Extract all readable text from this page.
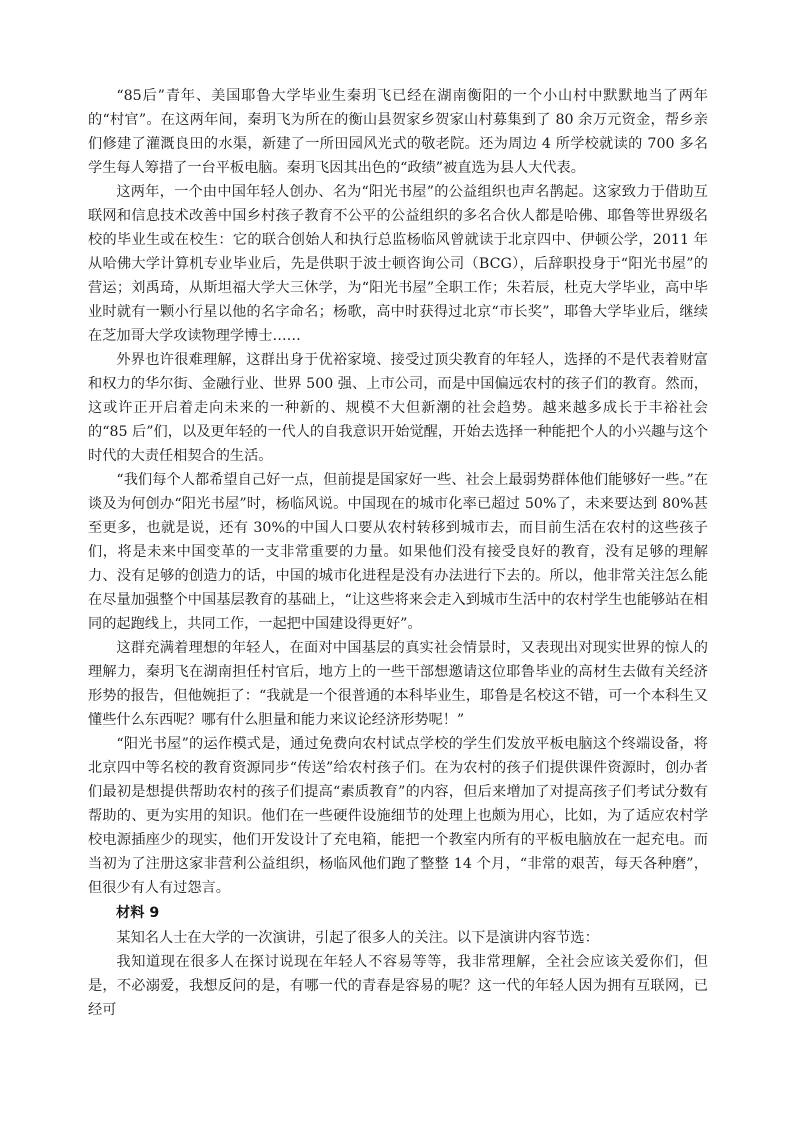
“85后”青年、美国耶鲁大学毕业生秦玥飞已经在湖南衡阳的一个小山村中默默地当了两年的“村官”。在这两年间，秦玥飞为所在的衡山县贺家乡贺家山村募集到了 80 余万元资金，帮乡亲们修建了灌溉良田的水渠，新建了一所田园风光式的敬老院。还为周边 4 所学校就读的 700 多名学生每人筹措了一台平板电脑。秦玥飞因其出色的“政绩”被直选为县人大代表。

这两年，一个由中国年轻人创办、名为“阳光书屋”的公益组织也声名鹊起。这家致力于借助互联网和信息技术改善中国乡村孩子教育不公平的公益组织的多名合伙人都是哈佛、耶鲁等世界级名校的毕业生或在校生：它的联合创始人和执行总监杨临风曾就读于北京四中、伊顿公学，2011 年从哈佛大学计算机专业毕业后，先是供职于波士顿咨询公司（BCG），后辞职投身于“阳光书屋”的营运；刘禹琦，从斯坦福大学大三休学，为“阳光书屋”全职工作；朱若辰，杜克大学毕业，高中毕业时就有一颗小行星以他的名字命名；杨歌，高中时获得过北京“市长奖”，耶鲁大学毕业后，继续在芝加哥大学攻读物理学博士……

外界也许很难理解，这群出身于优裕家境、接受过顶尖教育的年轻人，选择的不是代表着财富和权力的华尔街、金融行业、世界 500 强、上市公司，而是中国偏远农村的孩子们的教育。然而，这或许正开启着走向未来的一种新的、规模不大但新潮的社会趋势。越来越多成长于丰裕社会的“85 后”们，以及更年轻的一代人的自我意识开始觉醒，开始去选择一种能把个人的小兴趣与这个时代的大责任相契合的生活。

“我们每个人都希望自己好一点，但前提是国家好一些、社会上最弱势群体他们能够好一些。”在谈及为何创办“阳光书屋”时，杨临风说。中国现在的城市化率已超过 50%了，未来要达到 80%甚至更多，也就是说，还有 30%的中国人口要从农村转移到城市去，而目前生活在农村的这些孩子们，将是未来中国变革的一支非常重要的力量。如果他们没有接受良好的教育，没有足够的理解力、没有足够的创造力的话，中国的城市化进程是没有办法进行下去的。所以，他非常关注怎么能在尽量加强整个中国基层教育的基础上，“让这些将来会走入到城市生活中的农村学生也能够站在相同的起跑线上，共同工作，一起把中国建设得更好”。

这群充满着理想的年轻人，在面对中国基层的真实社会情景时，又表现出对现实世界的惊人的理解力，秦玥飞在湖南担任村官后，地方上的一些干部想邀请这位耶鲁毕业的高材生去做有关经济形势的报告，但他婉拒了：“我就是一个很普通的本科毕业生，耶鲁是名校这不错，可一个本科生又懂些什么东西呢？哪有什么胆量和能力来议论经济形势呢！”

“阳光书屋”的运作模式是，通过免费向农村试点学校的学生们发放平板电脑这个终端设备，将北京四中等名校的教育资源同步“传送”给农村孩子们。在为农村的孩子们提供课件资源时，创办者们最初是想提供帮助农村的孩子们提高“素质教育”的内容，但后来增加了对提高孩子们考试分数有帮助的、更为实用的知识。他们在一些硬件设施细节的处理上也颇为用心，比如，为了适应农村学校电源插座少的现实，他们开发设计了充电箱，能把一个教室内所有的平板电脑放在一起充电。而当初为了注册这家非营利公益组织，杨临风他们跑了整整 14 个月，“非常的艰苦，每天各种磨”，但很少有人有过怨言。

材料 9

某知名人士在大学的一次演讲，引起了很多人的关注。以下是演讲内容节选：

我知道现在很多人在探讨说现在年轻人不容易等等，我非常理解，全社会应该关爱你们，但是，不必溺爱，我想反问的是，有哪一代的青春是容易的呢？这一代的年轻人因为拥有互联网，已经可
